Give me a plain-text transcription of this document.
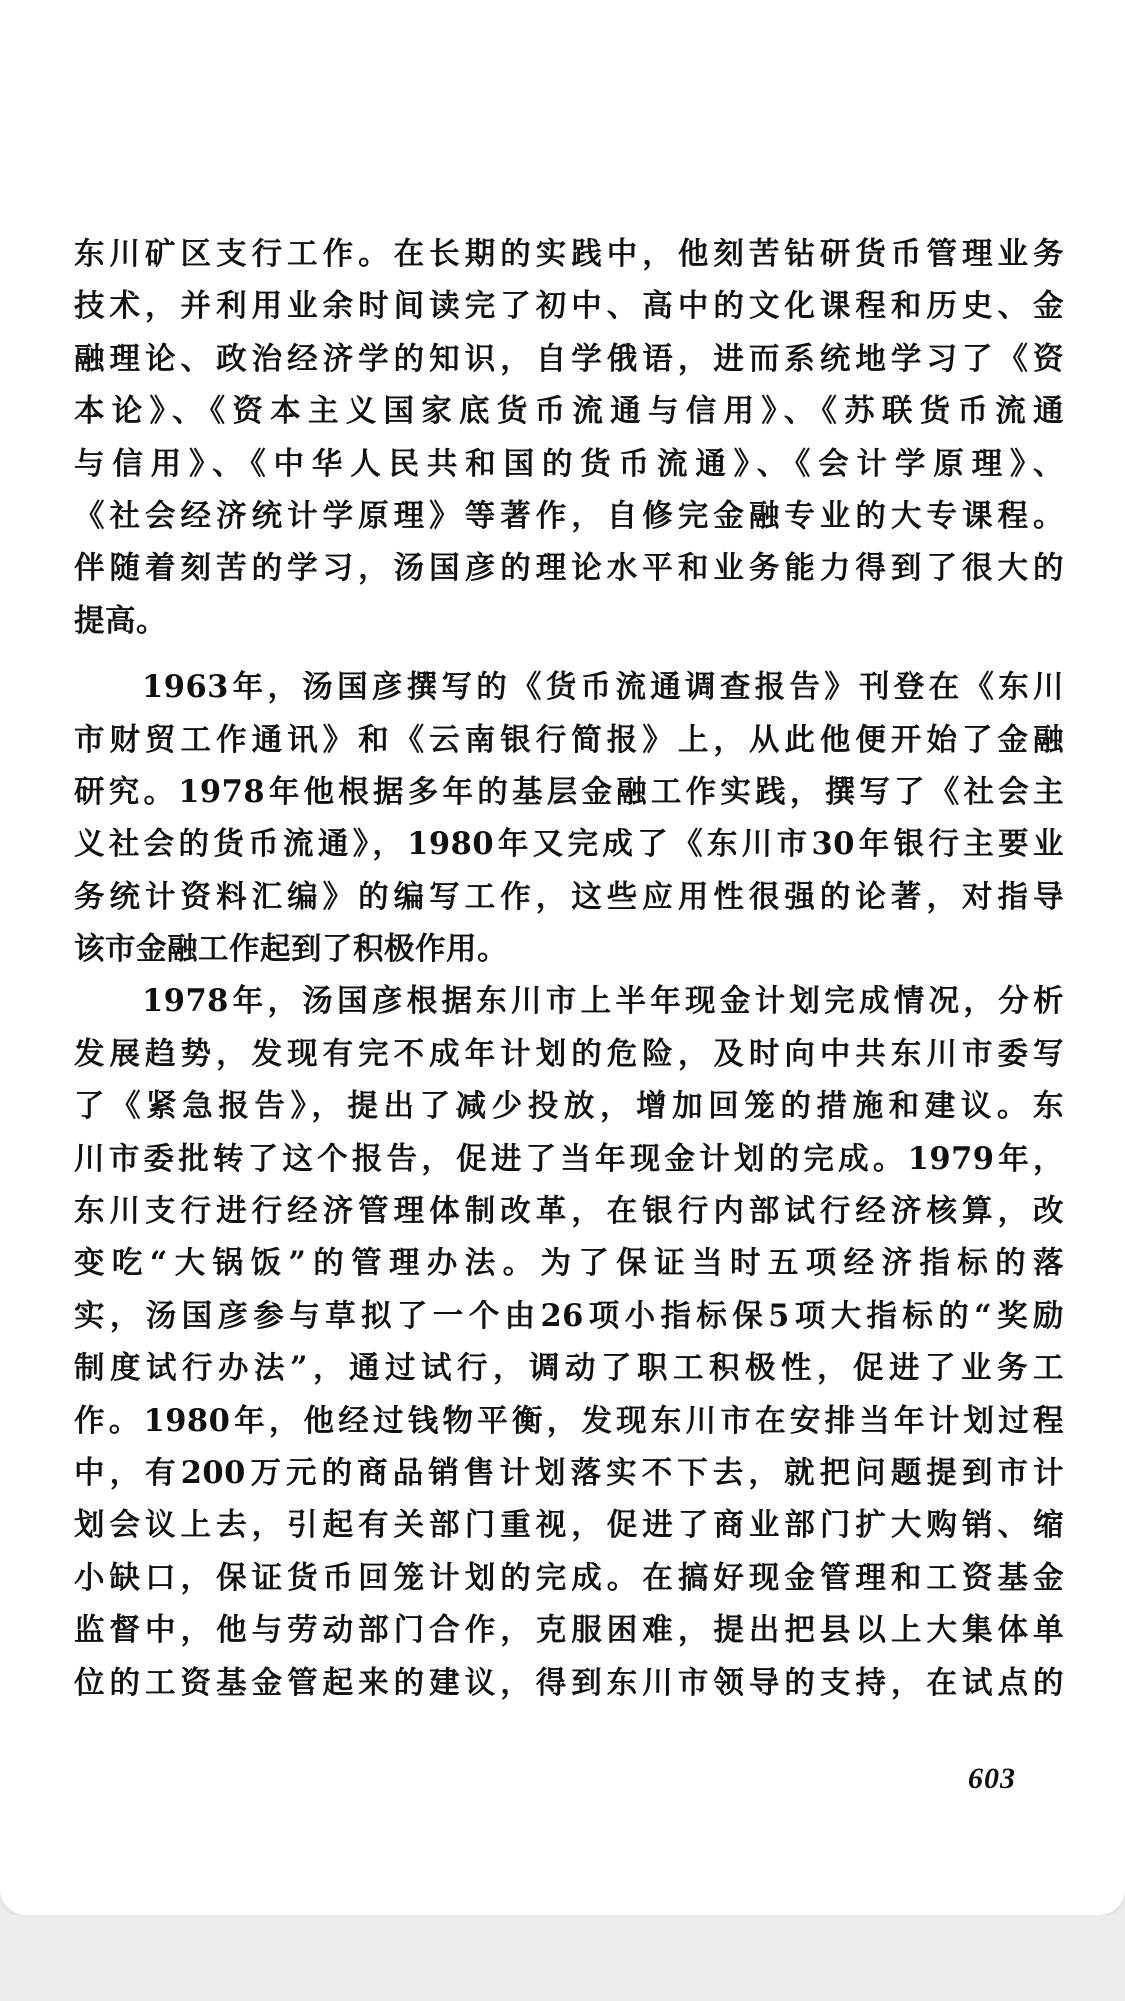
东川矿区支行工作。在长期的实践中，他刻苦钻研货币管理业务
技术，并利用业余时间读完了初中、高中的文化课程和历史、金
融理论、政治经济学的知识，自学俄语，进而系统地学习了《资
本论》、《资本主义国家底货币流通与信用》、《苏联货币流通
与信用》、《中华人民共和国的货币流通》、《会计学原理》、
《社会经济统计学原理》等著作，自修完金融专业的大专课程。
伴随着刻苦的学习，汤国彦的理论水平和业务能力得到了很大的
提高。
1963年，汤国彦撰写的《货币流通调查报告》刊登在《东川
市财贸工作通讯》和《云南银行简报》上，从此他便开始了金融
研究。1978年他根据多年的基层金融工作实践，撰写了《社会主
义社会的货币流通》，1980年又完成了《东川市30年银行主要业
务统计资料汇编》的编写工作，这些应用性很强的论著，对指导
该市金融工作起到了积极作用。
1978年，汤国彦根据东川市上半年现金计划完成情况，分析
发展趋势，发现有完不成年计划的危险，及时向中共东川市委写
了《紧急报告》，提出了减少投放，增加回笼的措施和建议。东
川市委批转了这个报告，促进了当年现金计划的完成。1979年，
东川支行进行经济管理体制改革，在银行内部试行经济核算，改
变吃“大锅饭”的管理办法。为了保证当时五项经济指标的落
实，汤国彦参与草拟了一个由26项小指标保5项大指标的“奖励
制度试行办法”，通过试行，调动了职工积极性，促进了业务工
作。1980年，他经过钱物平衡，发现东川市在安排当年计划过程
中，有200万元的商品销售计划落实不下去，就把问题提到市计
划会议上去，引起有关部门重视，促进了商业部门扩大购销、缩
小缺口，保证货币回笼计划的完成。在搞好现金管理和工资基金
监督中，他与劳动部门合作，克服困难，提出把县以上大集体单
位的工资基金管起来的建议，得到东川市领导的支持，在试点的
603
